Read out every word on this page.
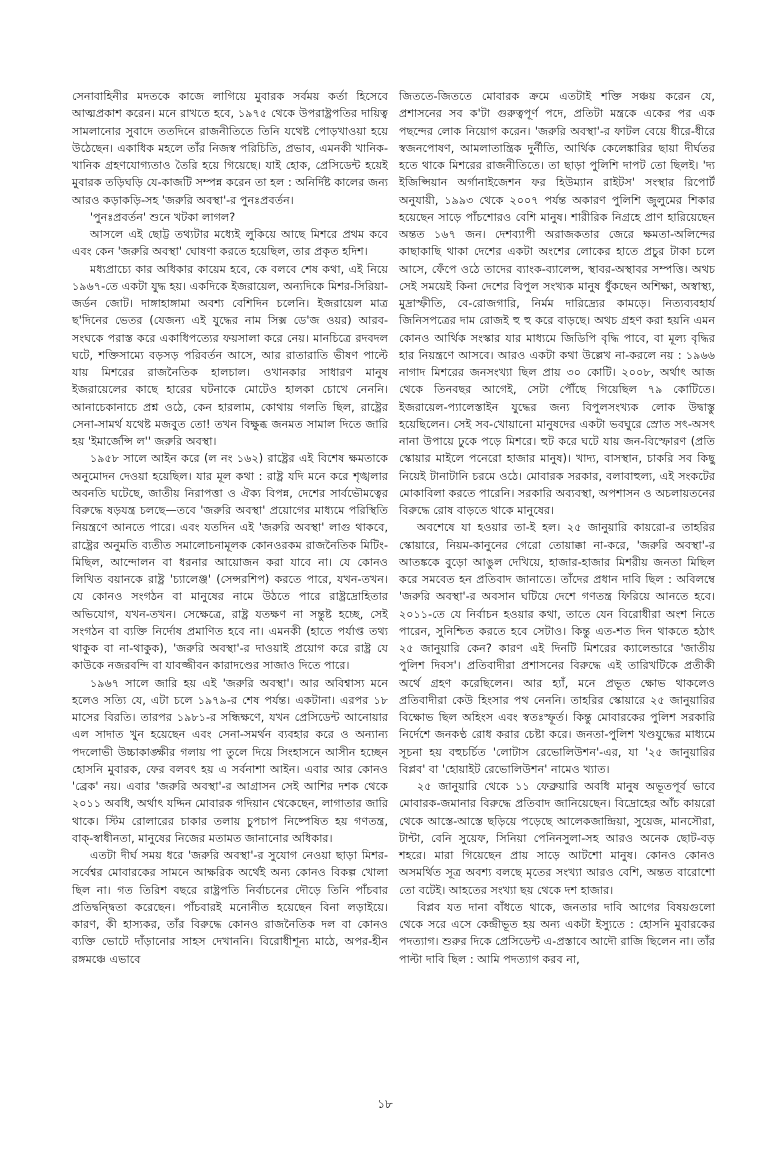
সেনাবাহিনীর মদতকে কাজে লাগিয়ে মুবারক সর্বময় কর্তা হিসেবে আত্মপ্রকাশ করেন। মনে রাখতে হবে, ১৯৭৫ থেকে উপরাষ্ট্রপতির দায়িত্ব সামলানোর সুবাদে ততদিনে রাজনীতিতে তিনি যথেষ্ট পোড়খাওয়া হয়ে উঠেছেন। একাধিক মহলে তাঁর নিজস্ব পরিচিতি, প্রভাব, এমনকী খানিক-খানিক গ্রহণযোগ্যতাও তৈরি হয়ে গিয়েছে। যাই হোক, প্রেসিডেন্ট হয়েই মুবারক তড়িঘড়ি যে-কাজটি সম্পন্ন করেন তা হল : অনির্দিষ্ট কালের জন্য আরও কড়াকড়ি-সহ 'জরুরি অবস্থা'-র পুনঃপ্রবর্তন।

'পুনঃপ্রবর্তন' শুনে খটকা লাগল?

আসলে এই ছোট্ট তথ্যটার মধ্যেই লুকিয়ে আছে মিশরে প্রথম কবে এবং কেন 'জরুরি অবস্থা' ঘোষণা করতে হয়েছিল, তার প্রকৃত হদিশ।

মধ্যপ্রাচ্যে কার অধিকার কায়েম হবে, কে বলবে শেষ কথা, এই নিয়ে ১৯৬৭-তে একটা যুদ্ধ হয়। একদিকে ইজরায়েল, অন্যদিকে মিশর-সিরিয়া-জর্ডন জোট। দাঙ্গাহাঙ্গামা অবশ্য বেশিদিন চলেনি। ইজরায়েল মাত্র ছ'দিনের ভেতর (যেজন্য এই যুদ্ধের নাম সিক্স ডে'জ ওয়র) আরব-সংঘকে পরাস্ত করে একাধিপত্যের ফয়সালা করে নেয়। মানচিত্রে রদবদল ঘটে, শক্তিসাম্যে বড়সড় পরিবর্তন আসে, আর রাতারাতি ভীষণ পাল্টে যায় মিশরের রাজনৈতিক হালচাল। ওখানকার সাধারণ মানুষ ইজরায়েলের কাছে হারের ঘটনাকে মোটেও হালকা চোখে নেননি। আনাচেকানাচে প্রশ্ন ওঠে, কেন হারলাম, কোথায় গলতি ছিল, রাষ্ট্রের সেনা-সামর্থ যথেষ্ট মজবুত তো! তখন বিক্ষুব্ধ জনমত সামাল দিতে জারি হয় 'ইমার্জেন্সি ল'' জরুরি অবস্থা।

১৯৫৮ সালে আইন করে (ল নং ১৬২) রাষ্ট্রের এই বিশেষ ক্ষমতাকে অনুমোদন দেওয়া হয়েছিল। যার মূল কথা : রাষ্ট্র যদি মনে করে শৃঙ্খলার অবনতি ঘটেছে, জাতীয় নিরাপত্তা ও ঐক্য বিপন্ন, দেশের সার্বভৌমত্বের বিরুদ্ধে ষড়যন্ত্র চলছে—তবে 'জরুরি অবস্থা' প্রয়োগের মাধ্যমে পরিস্থিতি নিয়ন্ত্রণে আনতে পারে। এবং যতদিন এই 'জরুরি অবস্থা' লাগু থাকবে, রাষ্ট্রের অনুমতি ব্যতীত সমালোচনামূলক কোনওরকম রাজনৈতিক মিটিং-মিছিল, আন্দোলন বা ধরনার আয়োজন করা যাবে না। যে কোনও লিখিত বয়ানকে রাষ্ট্র 'চ্যালেঞ্জ' (সেন্সরশিপ) করতে পারে, যখন-তখন। যে কোনও সংগঠন বা মানুষের নামে উঠতে পারে রাষ্ট্রদ্রোহিতার অভিযোগ, যখন-তখন। সেক্ষেত্রে, রাষ্ট্র যতক্ষণ না সন্তুষ্ট হচ্ছে, সেই সংগঠন বা ব্যক্তি নির্দোষ প্রমাণিত হবে না। এমনকী (হাতে পর্যাপ্ত তথ্য থাকুক বা না-থাকুক), 'জরুরি অবস্থা'-র দাওয়াই প্রয়োগ করে রাষ্ট্র যে কাউকে নজরবন্দি বা যাবজ্জীবন কারাদণ্ডের সাজাও দিতে পারে।

১৯৬৭ সালে জারি হয় এই 'জরুরি অবস্থা'। আর অবিশ্বাস্য মনে হলেও সত্যি যে, এটা চলে ১৯৭৯-র শেষ পর্যন্ত। একটানা। এরপর ১৮ মাসের বিরতি। তারপর ১৯৮১-র সন্ধিক্ষণে, যখন প্রেসিডেন্ট আনোয়ার এল সাদাত খুন হয়েছেন এবং সেনা-সমর্থন ব্যবহার করে ও অন্যান্য পদলোভী উচ্চাকাঙ্ক্ষীর গলায় পা তুলে দিয়ে সিংহাসনে আসীন হচ্ছেন হোসনি মুবারক, ফের বলবৎ হয় এ সর্বনাশা আইন। এবার আর কোনও 'ব্রেক' নয়। এবার 'জরুরি অবস্থা'-র আগ্রাসন সেই আশির দশক থেকে ২০১১ অবধি, অর্থাৎ যদ্দিন মোবারক গদিয়ান থেকেছেন, লাগাতার জারি থাকে। স্টিম রোলারের চাকার তলায় চুপচাপ নিষ্পেষিত হয় গণতন্ত্র, বাক্-স্বাধীনতা, মানুষের নিজের মতামত জানানোর অধিকার।

এতটা দীর্ঘ সময় ধরে 'জরুরি অবস্থা'-র সুযোগ নেওয়া ছাড়া মিশর-সর্বেশ্বর মোবারকের সামনে আক্ষরিক অর্থেই অন্য কোনও বিকল্প খোলা ছিল না। গত তিরিশ বছরে রাষ্ট্রপতি নির্বাচনের দৌড়ে তিনি পাঁচবার প্রতিদ্বন্দ্বিতা করেছেন। পাঁচবারই মনোনীত হয়েছেন বিনা লড়াইয়ে। কারণ, কী হাস্যকর, তাঁর বিরুদ্ধে কোনও রাজনৈতিক দল বা কোনও ব্যক্তি ভোটে দাঁড়ানোর সাহস দেখাননি। বিরোধীশূন্য মাঠে, অপর-হীন রঙ্গমঞ্চে এভাবে

জিততে-জিততে মোবারক ক্রমে এতটাই শক্তি সঞ্চয় করেন যে, প্রশাসনের সব ক'টা গুরুত্বপূর্ণ পদে, প্রতিটা মন্ত্রকে একের পর এক পছন্দের লোক নিয়োগ করেন। 'জরুরি অবস্থা'-র ফাটল বেয়ে ধীরে-ধীরে স্বজনপোষণ, আমলাতান্ত্রিক দুর্নীতি, আর্থিক কেলেঙ্কারির ছায়া দীর্ঘতর হতে থাকে মিশরের রাজনীতিতে। তা ছাড়া পুলিশি দাপট তো ছিলই। 'দ্য ইজিপ্সিয়ান অর্গানাইজেশন ফর হিউম্যান রাইটস' সংস্থার রিপোর্ট অনুযায়ী, ১৯৯৩ থেকে ২০০৭ পর্যন্ত অকারণ পুলিশি জুলুমের শিকার হয়েছেন সাড়ে পাঁচশোরও বেশি মানুষ। শারীরিক নিগ্রহে প্রাণ হারিয়েছেন অন্তত ১৬৭ জন। দেশব্যাপী অরাজকতার জেরে ক্ষমতা-অলিন্দের কাছাকাছি থাকা দেশের একটা অংশের লোকের হাতে প্রচুর টাকা চলে আসে, ফেঁপে ওঠে তাদের ব্যাংক-ব্যালেন্স, স্থাবর-অস্থাবর সম্পত্তি। অথচ সেই সময়েই কিনা দেশের বিপুল সংখ্যক মানুষ ধুঁকছেন অশিক্ষা, অস্বাস্থ্য, মুদ্রাস্ফীতি, বে-রোজগারি, নির্মম দারিদ্র্যের কামড়ে। নিত্যব্যবহার্য জিনিসপত্রের দাম রোজই হু হু করে বাড়ছে। অথচ গ্রহণ করা হয়নি এমন কোনও আর্থিক সংস্কার যার মাধ্যমে জিডিপি বৃদ্ধি পাবে, বা মূল্য বৃদ্ধির হার নিয়ন্ত্রণে আসবে। আরও একটা কথা উল্লেখ না-করলে নয় : ১৯৬৬ নাগাদ মিশরের জনসংখ্যা ছিল প্রায় ৩০ কোটি। ২০০৮, অর্থাৎ আজ থেকে তিনবছর আগেই, সেটা পৌঁছে গিয়েছিল ৭৯ কোটিতে। ইজরায়েল-প্যালেস্তাইন যুদ্ধের জন্য বিপুলসংখ্যক লোক উদ্বাস্তু হয়েছিলেন। সেই সব-খোয়ানো মানুষদের একটা ভবঘুরে স্রোত সৎ-অসৎ নানা উপায়ে ঢুকে পড়ে মিশরে। হুট করে ঘটে যায় জন-বিস্ফোরণ (প্রতি স্কোয়ার মাইলে পনেরো হাজার মানুষ)। খাদ্য, বাসস্থান, চাকরি সব কিছু নিয়েই টানাটানি চরমে ওঠে। মোবারক সরকার, বলাবাহুল্য, এই সংকটের মোকাবিলা করতে পারেনি। সরকারি অব্যবস্থা, অপশাসন ও অচলায়তনের বিরুদ্ধে রোষ বাড়তে থাকে মানুষের।

অবশেষে যা হওয়ার তা-ই হল। ২৫ জানুয়ারি কায়রো-র তাহরির স্কোয়ারে, নিয়ম-কানুনের গেরো তোয়াক্কা না-করে, 'জরুরি অবস্থা'-র আতঙ্ককে বুড়ো আঙুল দেখিয়ে, হাজার-হাজার মিশরীয় জনতা মিছিল করে সমবেত হন প্রতিবাদ জানাতে। তাঁদের প্রধান দাবি ছিল : অবিলম্বে 'জরুরি অবস্থা'-র অবসান ঘটিয়ে দেশে গণতন্ত্র ফিরিয়ে আনতে হবে। ২০১১-তে যে নির্বাচন হওয়ার কথা, তাতে যেন বিরোধীরা অংশ নিতে পারেন, সুনিশ্চিত করতে হবে সেটাও। কিন্তু এত-শত দিন থাকতে হঠাৎ ২৫ জানুয়ারি কেন? কারণ এই দিনটি মিশরের ক্যালেন্ডারে 'জাতীয় পুলিশ দিবস'। প্রতিবাদীরা প্রশাসনের বিরুদ্ধে এই তারিখটিকে প্রতীকী অর্থে গ্রহণ করেছিলেন। আর হ্যাঁ, মনে প্রভূত ক্ষোভ থাকলেও প্রতিবাদীরা কেউ হিংসার পথ নেননি। তাহরির স্কোয়ারে ২৫ জানুয়ারির বিক্ষোভ ছিল অহিংস এবং স্বতঃস্ফূর্ত। কিন্তু মোবারকের পুলিশ সরকারি নির্দেশে জনকণ্ঠ রোধ করার চেষ্টা করে। জনতা-পুলিশ খণ্ডযুদ্ধের মাধ্যমে সূচনা হয় বহুচর্চিত 'লোটাস রেভোলিউশন'-এর, যা '২৫ জানুয়ারির বিপ্লব' বা 'হোয়াইট রেভোলিউশন' নামেও খ্যাত।

২৫ জানুয়ারি থেকে ১১ ফেব্রুয়ারি অবধি মানুষ অভূতপূর্ব ভাবে মোবারক-জমানার বিরুদ্ধে প্রতিবাদ জানিয়েছেন। বিদ্রোহের আঁচ কায়রো থেকে আস্তে-আস্তে ছড়িয়ে পড়েছে আলেকজান্দ্রিয়া, সুয়েজ, মানসৌরা, টান্টা, বেনি সুয়েফ, সিনিয়া পেনিনসুলা-সহ আরও অনেক ছোট-বড় শহরে। মারা গিয়েছেন প্রায় সাড়ে আটশো মানুষ। কোনও কোনও অসমর্থিত সূত্র অবশ্য বলছে মৃতের সংখ্যা আরও বেশি, অন্তত বারোশো তো বটেই। আহতের সংখ্যা ছয় থেকে দশ হাজার।

বিপ্লব যত দানা বাঁধতে থাকে, জনতার দাবি আগের বিষয়গুলো থেকে সরে এসে কেন্দ্রীভূত হয় অন্য একটা ইস্যুতে : হোসনি মুবারকের পদত্যাগ। শুরুর দিকে প্রেসিডেন্ট এ-প্রস্তাবে আদৌ রাজি ছিলেন না। তাঁর পাল্টা দাবি ছিল : আমি পদত্যাগ করব না,

১৮
